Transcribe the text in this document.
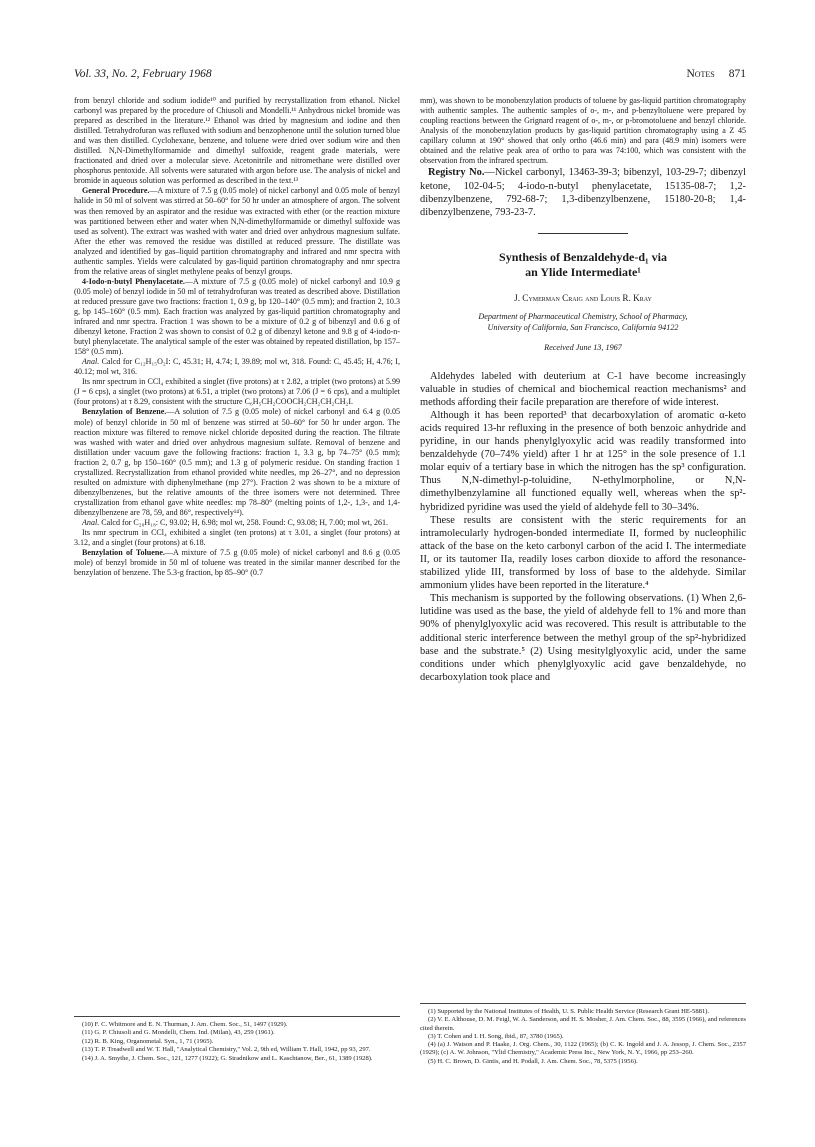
Vol. 33, No. 2, February 1968	Notes 871

from benzyl chloride and sodium iodide¹⁰ and purified by recrystallization from ethanol. Nickel carbonyl was prepared by the procedure of Chiusoli and Mondelli.¹¹ Anhydrous nickel bromide was prepared as described in the literature.¹² Ethanol was dried by magnesium and iodine and then distilled. Tetrahydrofuran was refluxed with sodium and benzophenone until the solution turned blue and was then distilled. Cyclohexane, benzene, and toluene were dried over sodium wire and then distilled. N,N-Dimethylformamide and dimethyl sulfoxide, reagent grade materials, were fractionated and dried over a molecular sieve. Acetonitrile and nitromethane were distilled over phosphorus pentoxide. All solvents were saturated with argon before use. The analysis of nickel and bromide in aqueous solution was performed as described in the text.¹³

General Procedure.—A mixture of 7.5 g (0.05 mole) of nickel carbonyl and 0.05 mole of benzyl halide in 50 ml of solvent was stirred at 50–60° for 50 hr under an atmosphere of argon. The solvent was then removed by an aspirator and the residue was extracted with ether (or the reaction mixture was partitioned between ether and water when N,N-dimethylformamide or dimethyl sulfoxide was used as solvent). The extract was washed with water and dried over anhydrous magnesium sulfate. After the ether was removed the residue was distilled at reduced pressure. The distillate was analyzed and identified by gas–liquid partition chromatography and infrared and nmr spectra with authentic samples. Yields were calculated by gas-liquid partition chromatography and nmr spectra from the relative areas of singlet methylene peaks of benzyl groups.

4-Iodo-n-butyl Phenylacetate.—A mixture of 7.5 g (0.05 mole) of nickel carbonyl and 10.9 g (0.05 mole) of benzyl iodide in 50 ml of tetrahydrofuran was treated as described above. Distillation at reduced pressure gave two fractions: fraction 1, 0.9 g, bp 120–140° (0.5 mm); and fraction 2, 10.3 g, bp 145–160° (0.5 mm). Each fraction was analyzed by gas-liquid partition chromatography and infrared and nmr spectra. Fraction 1 was shown to be a mixture of 0.2 g of bibenzyl and 0.6 g of dibenzyl ketone. Fraction 2 was shown to consist of 0.2 g of dibenzyl ketone and 9.8 g of 4-iodo-n-butyl phenylacetate. The analytical sample of the ester was obtained by repeated distillation, bp 157–158° (0.5 mm).

Anal. Calcd for C₁₂H₁₅O₂I: C, 45.31; H, 4.74; I, 39.89; mol wt, 318. Found: C, 45.45; H, 4.76; I, 40.12; mol wt, 316.

Its nmr spectrum in CCl₄ exhibited a singlet (five protons) at τ 2.82, a triplet (two protons) at 5.99 (J = 6 cps), a singlet (two protons) at 6.51, a triplet (two protons) at 7.06 (J = 6 cps), and a multiplet (four protons) at τ 8.29, consistent with the structure C₆H₅CH₂COOCH₂CH₂CH₂CH₂I.

Benzylation of Benzene.—A solution of 7.5 g (0.05 mole) of nickel carbonyl and 6.4 g (0.05 mole) of benzyl chloride in 50 ml of benzene was stirred at 50–60° for 50 hr under argon. The reaction mixture was filtered to remove nickel chloride deposited during the reaction. The filtrate was washed with water and dried over anhydrous magnesium sulfate. Removal of benzene and distillation under vacuum gave the following fractions: fraction 1, 3.3 g, bp 74–75° (0.5 mm); fraction 2, 0.7 g, bp 150–160° (0.5 mm); and 1.3 g of polymeric residue. On standing fraction 1 crystallized. Recrystallization from ethanol provided white needles, mp 26–27°, and no depression resulted on admixture with diphenylmethane (mp 27°). Fraction 2 was shown to be a mixture of dibenzylbenzenes, but the relative amounts of the three isomers were not determined. Three crystallization from ethanol gave white needles: mp 78–80° (melting points of 1,2-, 1,3-, and 1,4-dibenzylbenzene are 78, 59, and 86°, respectively¹⁴).

Anal. Calcd for C₂₀H₁₈: C, 93.02; H, 6.98; mol wt, 258. Found: C, 93.08; H, 7.00; mol wt, 261.

Its nmr spectrum in CCl₄ exhibited a singlet (ten protons) at τ 3.01, a singlet (four protons) at 3.12, and a singlet (four protons) at 6.18.

Benzylation of Toluene.—A mixture of 7.5 g (0.05 mole) of nickel carbonyl and 8.6 g (0.05 mole) of benzyl bromide in 50 ml of toluene was treated in the similar manner described for the benzylation of benzene. The 5.3-g fraction, bp 85–90° (0.7

(10) F. C. Whitmore and E. N. Thurman, J. Am. Chem. Soc., 51, 1497 (1929).

(11) G. P. Chiusoli and G. Mondelli, Chem. Ind. (Milan), 43, 259 (1961).

(12) R. B. King, Organometal. Syn., 1, 71 (1965).

(13) T. P. Treadwell and W. T. Hall, "Analytical Chemistry," Vol. 2, 9th ed, William T. Hall, 1942, pp 93, 297.

(14) J. A. Smythe, J. Chem. Soc., 121, 1277 (1922); G. Stradnikow and L. Kaschtanow, Ber., 61, 1389 (1928).

mm), was shown to be monobenzylation products of toluene by gas-liquid partition chromatography with authentic samples. The authentic samples of o-, m-, and p-benzyltoluene were prepared by coupling reactions between the Grignard reagent of o-, m-, or p-bromotoluene and benzyl chloride. Analysis of the monobenzylation products by gas-liquid partition chromatography using a Z 45 capillary column at 190° showed that only ortho (46.6 min) and para (48.9 min) isomers were obtained and the relative peak area of ortho to para was 74:100, which was consistent with the observation from the infrared spectrum.

Registry No.—Nickel carbonyl, 13463-39-3; bibenzyl, 103-29-7; dibenzyl ketone, 102-04-5; 4-iodo-n-butyl phenylacetate, 15135-08-7; 1,2-dibenzylbenzene, 792-68-7; 1,3-dibenzylbenzene, 15180-20-8; 1,4-dibenzylbenzene, 793-23-7.

Synthesis of Benzaldehyde-d₁ via
an Ylide Intermediate¹
J. Cymerman Craig and Louis R. Kray
Department of Pharmaceutical Chemistry, School of Pharmacy,
University of California, San Francisco, California 94122
Received June 13, 1967

Aldehydes labeled with deuterium at C-1 have become increasingly valuable in studies of chemical and biochemical reaction mechanisms² and methods affording their facile preparation are therefore of wide interest.

Although it has been reported³ that decarboxylation of aromatic α-keto acids required 13-hr refluxing in the presence of both benzoic anhydride and pyridine, in our hands phenylglyoxylic acid was readily transformed into benzaldehyde (70–74% yield) after 1 hr at 125° in the sole presence of 1.1 molar equiv of a tertiary base in which the nitrogen has the sp³ configuration. Thus N,N-dimethyl-p-toluidine, N-ethylmorpholine, or N,N-dimethylbenzylamine all functioned equally well, whereas when the sp²-hybridized pyridine was used the yield of aldehyde fell to 30–34%.

These results are consistent with the steric requirements for an intramolecularly hydrogen-bonded intermediate II, formed by nucleophilic attack of the base on the keto carbonyl carbon of the acid I. The intermediate II, or its tautomer IIa, readily loses carbon dioxide to afford the resonance-stabilized ylide III, transformed by loss of base to the aldehyde. Similar ammonium ylides have been reported in the literature.⁴

This mechanism is supported by the following observations. (1) When 2,6-lutidine was used as the base, the yield of aldehyde fell to 1% and more than 90% of phenylglyoxylic acid was recovered. This result is attributable to the additional steric interference between the methyl group of the sp²-hybridized base and the substrate.⁵ (2) Using mesitylglyoxylic acid, under the same conditions under which phenylglyoxylic acid gave benzaldehyde, no decarboxylation took place and

(1) Supported by the National Institutes of Health, U. S. Public Health Service (Research Grant HE-5881).

(2) V. E. Althouse, D. M. Feigl, W. A. Sanderson, and H. S. Mosher, J. Am. Chem. Soc., 88, 3595 (1966), and references cited therein.

(3) T. Cohen and I. H. Song, ibid., 87, 3780 (1965).

(4) (a) J. Watson and P. Haake, J. Org. Chem., 30, 1122 (1965); (b) C. K. Ingold and J. A. Jessop, J. Chem. Soc., 2357 (1929); (c) A. W. Johnson, "Ylid Chemistry," Academic Press Inc., New York, N. Y., 1966, pp 253–260.

(5) H. C. Brown, D. Gintis, and H. Podall, J. Am. Chem. Soc., 78, 5375 (1956).
